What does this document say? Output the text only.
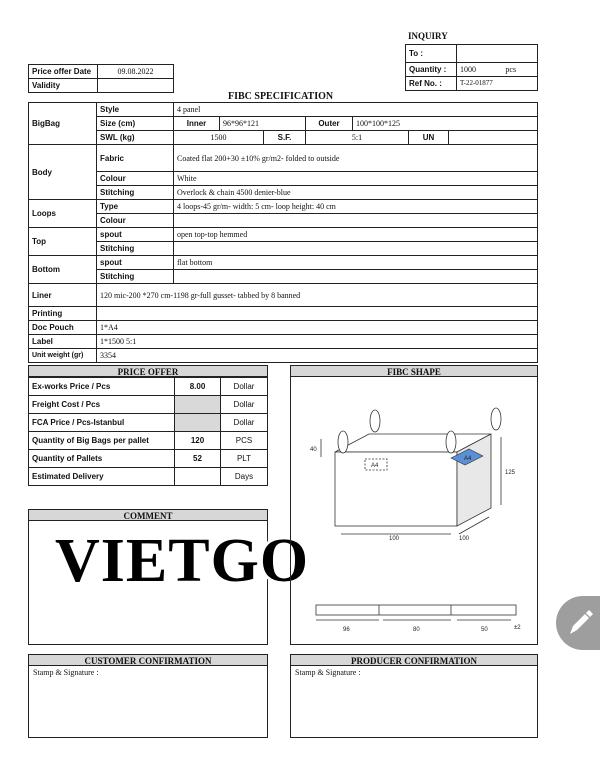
INQUIRY
To :		
Quantity :	1000	pcs
Ref No. :	T-22-01877	
Price offer Date	09.08.2022
Validity	
FIBC SPECIFICATION
BigBag	Style	4 panel						
	Size (cm)	Inner	96*96*121		Outer	100*100*125		
	SWL (kg)	1500		S.F.	5:1		UN	
Body	Fabric	Coated flat 200+30 ±10% gr/m2- folded to outside						
	Colour	White						
	Stitching	Overlock & chain 4500 denier-blue						
Loops	Type	4 loops-45 gr/m- width: 5 cm- loop height: 40 cm						
	Colour							
Top	spout	open top-top hemmed						
	Stitching							
Bottom	spout	flat bottom						
	Stitching							
Liner	120 mic-200 *270 cm-1198 gr-full gusset- tabbed by 8 banned							
Printing								
Doc Pouch	1*A4							
Label	1*1500 5:1							
Unit weight (gr)	3354							
PRICE OFFER
Ex-works Price / Pcs	8.00	Dollar
Freight Cost / Pcs		Dollar
FCA Price / Pcs-Istanbul		Dollar
Quantity of Big Bags per pallet	120	PCS
Quantity of Pallets	52	PLT
Estimated Delivery		Days
COMMENT
VIETGO
FIBC SHAPE
40
A4
A4
125
100	100
96	80	50	±2
CUSTOMER CONFIRMATION
Stamp & Signature :
PRODUCER CONFIRMATION
Stamp & Signature :
